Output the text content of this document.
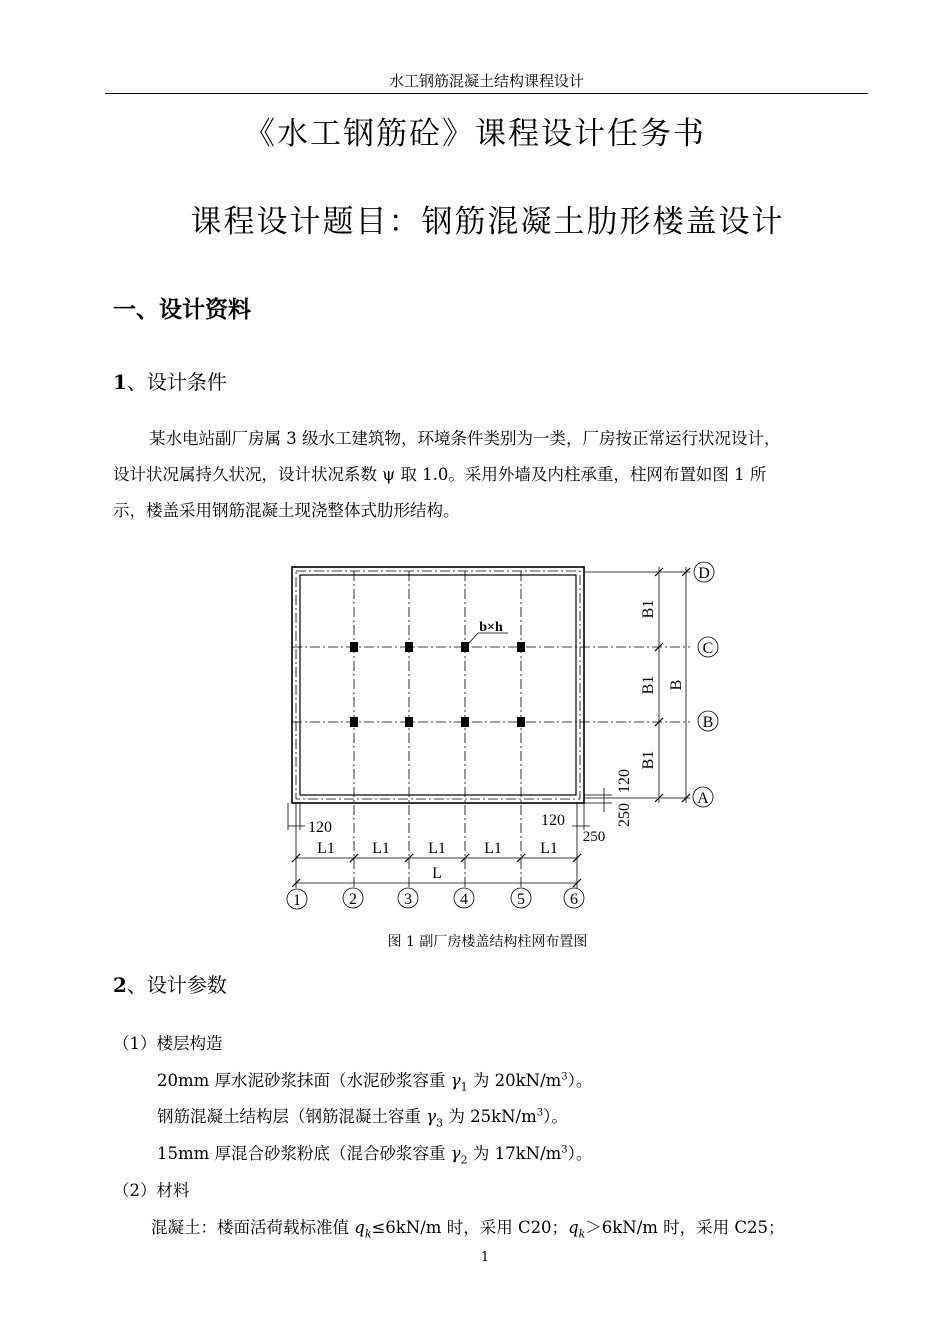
水工钢筋混凝土结构课程设计
《水工钢筋砼》课程设计任务书
课程设计题目：钢筋混凝土肋形楼盖设计
一、设计资料
1、设计条件
某水电站副厂房属 3 级水工建筑物，环境条件类别为一类，厂房按正常运行状况设计，
设计状况属持久状况，设计状况系数 ψ 取 1.0。采用外墙及内柱承重，柱网布置如图 1 所
示，楼盖采用钢筋混凝土现浇整体式肋形结构。
D
C
B
A
1	2	3	4	5	6
L1 L1 L1 L1 L1
L
120	120
250
b×h
B1
B1
B1
B
120
250
图 1 副厂房楼盖结构柱网布置图
2、设计参数
（1）楼层构造
20mm 厚水泥砂浆抹面（水泥砂浆容重 $\gamma_1$ 为 $20kN/m^3$）。
钢筋混凝土结构层（钢筋混凝土容重 $\gamma_3$ 为 $25kN/m^3$）。
15mm 厚混合砂浆粉底（混合砂浆容重 $\gamma_2$ 为 $17kN/m^3$）。
（2）材料
混凝土：楼面活荷载标准值 $q_k\le 6kN/m$ 时，采用 C20；$q_k>6kN/m$ 时，采用 C25；
1
